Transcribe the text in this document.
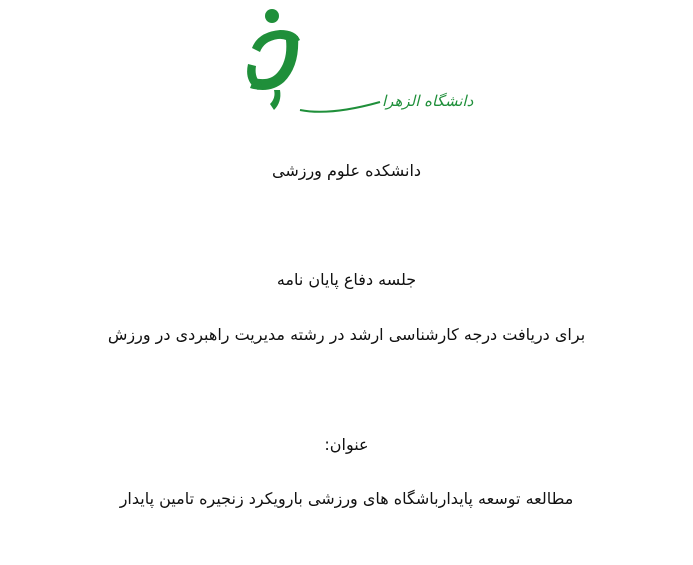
دانشگاه الزهرا
دانشکده علوم ورزشی
جلسه دفاع پایان نامه
برای دریافت درجه کارشناسی ارشد در رشته مدیریت راهبردی در ورزش
عنوان:
مطالعه توسعه پایدارباشگاه های ورزشی بارویکرد زنجیره تامین پایدار
